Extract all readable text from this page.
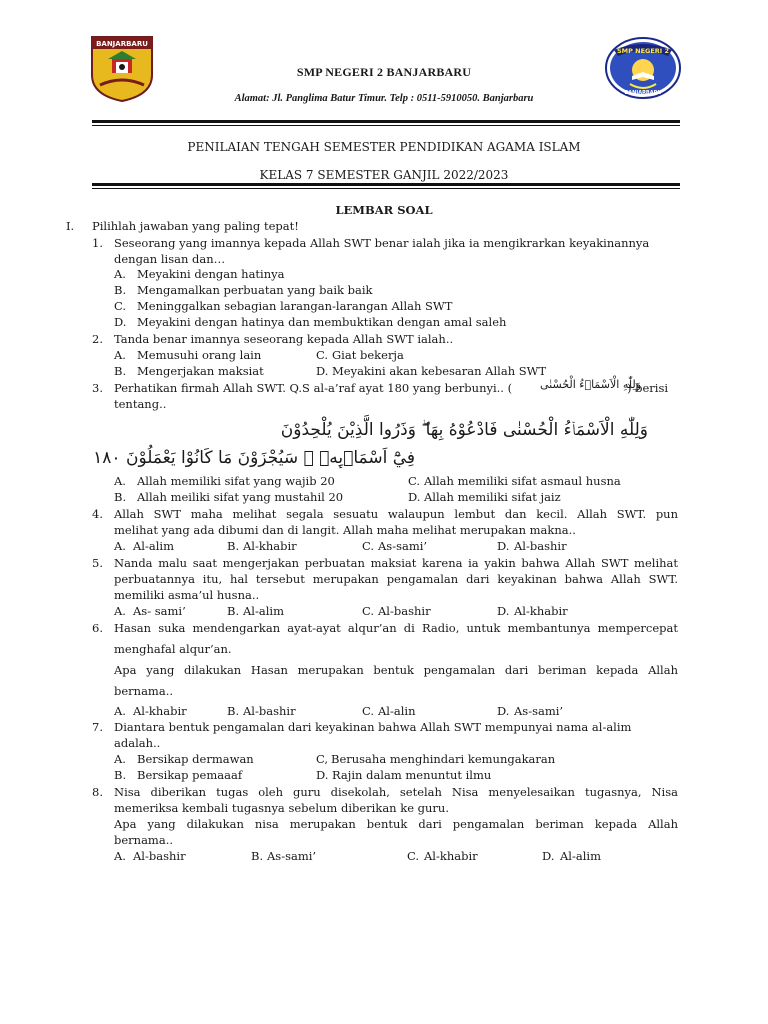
BANJARBARU
SMP NEGERI 2
BANJARBARU
SMP NEGERI 2 BANJARBARU
Alamat: Jl. Panglima Batur Timur. Telp : 0511-5910050. Banjarbaru
PENILAIAN TENGAH SEMESTER PENDIDIKAN AGAMA ISLAM
KELAS 7 SEMESTER GANJIL 2022/2023
LEMBAR SOAL
I. Pilihlah jawaban yang paling tepat!
1. Seseorang yang imannya kepada Allah SWT benar ialah jika ia mengikrarkan keyakinannya
dengan lisan dan…
A. Meyakini dengan hatinya
B. Mengamalkan perbuatan yang baik baik
C. Meninggalkan sebagian larangan-larangan Allah SWT
D. Meyakini dengan hatinya dan membuktikan dengan amal saleh
2. Tanda benar imannya seseorang kepada Allah SWT ialah..
A. Memusuhi orang lain	C. Giat bekerja
B. Mengerjakan maksiat	D. Meyakini akan kebesaran Allah SWT
3. Perhatikan firmah Allah SWT. Q.S al-a’raf ayat 180 yang berbunyi.. (	وَلِلّٰهِ الْاَسْمَاۤءُ الْحُسْنٰى
) berisi
tentang..
وَلِلّٰهِ الْاَسْمَاۤءُ الْحُسْنٰى فَادْعُوْهُ بِهَا ۖ وَذَرُوا الَّذِيْنَ يُلْحِدُوْنَ
فِيْٓ اَسْمَاۤىِٕهٖ ۗ سَيُجْزَوْنَ مَا كَانُوْا يَعْمَلُوْنَ ١٨٠
A. Allah memiliki sifat yang wajib 20	C. Allah memiliki sifat asmaul husna
B. Allah meiliki sifat yang mustahil 20	D. Allah memiliki sifat jaiz
4. Allah SWT maha melihat segala sesuatu walaupun lembut dan kecil. Allah SWT. pun
melihat yang ada dibumi dan di langit. Allah maha melihat merupakan makna..
A. Al-alim	B. Al-khabir	C. As-sami’	D. Al-bashir
5. Nanda malu saat mengerjakan perbuatan maksiat karena ia yakin bahwa Allah SWT melihat
perbuatannya itu, hal tersebut merupakan pengamalan dari keyakinan bahwa Allah SWT.
memiliki asma’ul husna..
A. As- sami’	B. Al-alim	C. Al-bashir	D. Al-khabir
6. Hasan suka mendengarkan ayat-ayat alqur’an di Radio, untuk membantunya mempercepat
menghafal alqur’an.
Apa yang dilakukan Hasan merupakan bentuk pengamalan dari beriman kepada Allah
bernama..
A. Al-khabir	B. Al-bashir	C. Al-alin	D. As-sami’
7. Diantara bentuk pengamalan dari keyakinan bahwa Allah SWT mempunyai nama al-alim
adalah..
A. Bersikap dermawan	C, Berusaha menghindari kemungakaran
B. Bersikap pemaaaf	D. Rajin dalam menuntut ilmu
8. Nisa diberikan tugas oleh guru disekolah, setelah Nisa menyelesaikan tugasnya, Nisa
memeriksa kembali tugasnya sebelum diberikan ke guru.
Apa yang dilakukan nisa merupakan bentuk dari pengamalan beriman kepada Allah
bernama..
A. Al-bashir	B. As-sami’	C. Al-khabir	D. Al-alim
